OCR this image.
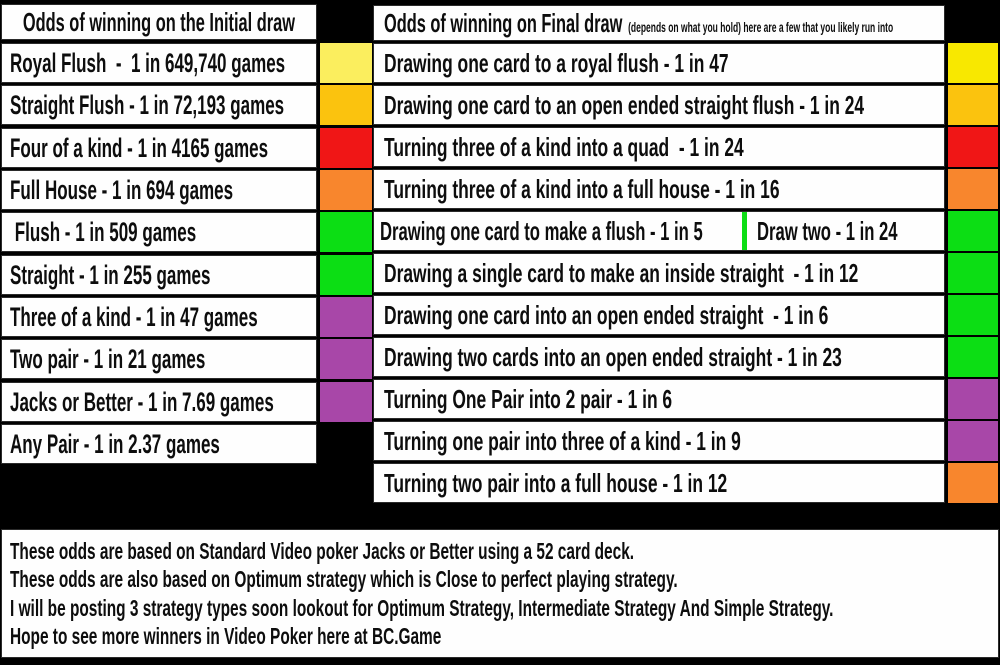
Odds of winning on the Initial draw	Odds of winning on Final draw (depends on what you hold) here are a few that you likely run into
Royal Flush  -  1 in 649,740 games
Straight Flush - 1 in 72,193 games
Four of a kind - 1 in 4165 games
Full House - 1 in 694 games
Flush - 1 in 509 games
Straight - 1 in 255 games
Three of a kind - 1 in 47 games
Two pair - 1 in 21 games
Jacks or Better - 1 in 7.69 games
Any Pair - 1 in 2.37 games
Drawing one card to a royal flush - 1 in 47
Drawing one card to an open ended straight flush - 1 in 24
Turning three of a kind into a quad  - 1 in 24
Turning three of a kind into a full house - 1 in 16
Drawing one card to make a flush - 1 in 5	Draw two - 1 in 24
Drawing a single card to make an inside straight  - 1 in 12
Drawing one card into an open ended straight  - 1 in 6
Drawing two cards into an open ended straight - 1 in 23
Turning One Pair into 2 pair - 1 in 6
Turning one pair into three of a kind - 1 in 9
Turning two pair into a full house - 1 in 12
These odds are based on Standard Video poker Jacks or Better using a 52 card deck.
These odds are also based on Optimum strategy which is Close to perfect playing strategy.
I will be posting 3 strategy types soon lookout for Optimum Strategy, Intermediate Strategy And Simple Strategy.
Hope to see more winners in Video Poker here at BC.Game
